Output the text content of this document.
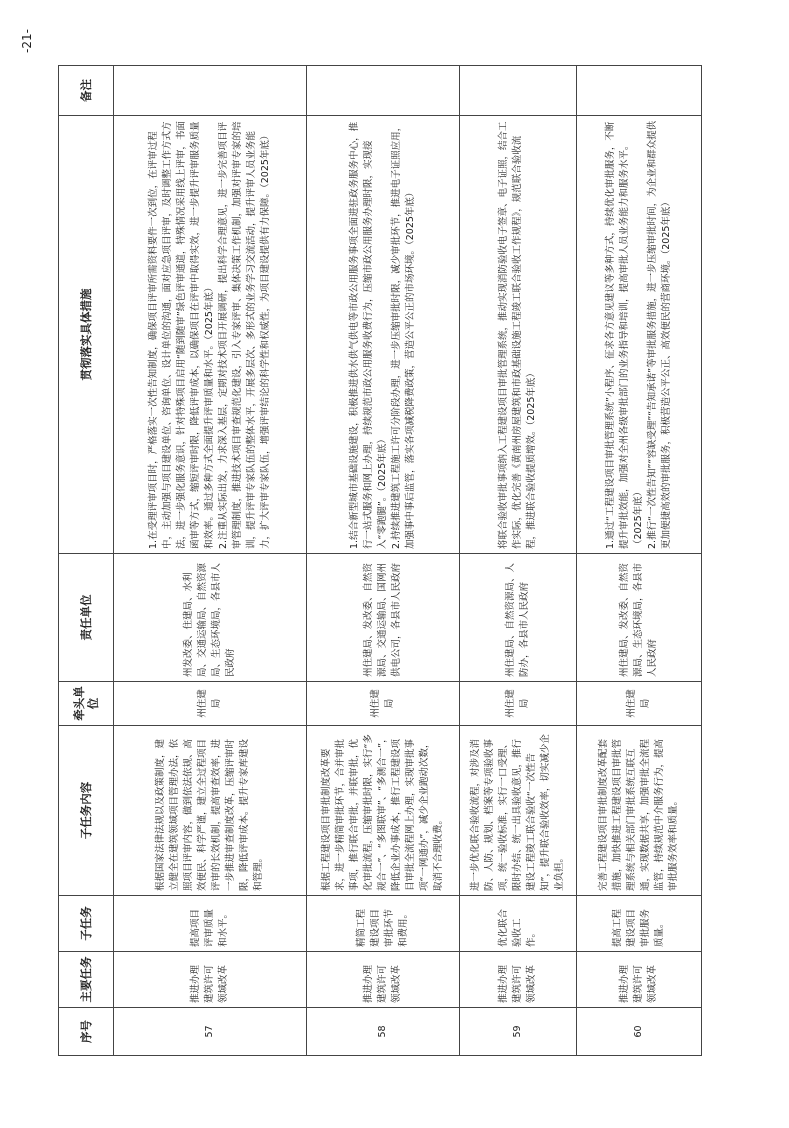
-21-
序号	主要任务	子任务	子任务内容	牵头单位	责任单位	贯彻落实具体措施	备注
57	推进办理建筑许可领域改革	提高项目评审质量和水平。	根据国家法律法规以及政策制度，建立健全在建筑领域项目管理办法，依照项目评审内容，做到依法依规、高效便民、科学严谨，建立全过程项目评审的长效机制，提高审查效率，进一步推进审查制度改革，压缩评审时限，降低评审成本。提升专家库建设和管理。	州住建局	州发改委、住建局、水利局、交通运输局、自然资源局、生态环境局，各县市人民政府	1.在受理评审项目时，严格落实一次性告知制度，确保项目评审所需资料要件一次到位，在评审过程中，主动加强与项目建设单位、咨询单位、设计单位的沟通，面对应急项目评审，及时调整工作方式方法，进一步强化服务意识，针对特殊项目启用“随到随审”绿色评审通道，特殊情况采用线上评审，书面函审等方式，缩短评审时限，降低评审成本，以确保项目在评审中取得实效，进一步提升评审服务质量和效率。通过多种方式全面提升评审质量和水平。（2025年底） 2.注重从实际出发，力求深入基层，定期对技术项目开展调研，提出科学合理意见，进一步完善项目评审管理制度，推进技术项目审查规范化建设，引入专家评审、集体决策工作机制，加强对评审专家的培训，提升评审专家队伍的整体水平，开展多层次、多形式的业务学习交流活动，提升评审人员业务能力，扩大评审专家队伍，增强评审结论的科学性和权威性，为项目建设提供有力保障。（2025年底）	
58	推进办理建筑许可领域改革	精简工程建设项目审批环节和费用。	根据工程建设项目审批制度改革要求，进一步精简审批环节，合并审批事项，推行联合审批，并联审批，优化审批流程，压缩审批时限，实行“多规合一”、“多图联审”、“多测合一”，降低企业办事成本，推行工程建设项目审批全流程网上办理，实现审批事项“一网通办”，减少企业跑动次数，取消不合理收费。	州住建局	州住建局、发改委、自然资源局、交通运输局、国网州供电公司，各县市人民政府	1.结合新型城市基础设施建设，积极推进供水供气供电等市政公用服务事项全面进驻政务服务中心，推行一站式服务和网上办理，持续规范市政公用服务收费行为，压缩市政公用服务办理时限，实现接入“零跑腿”。（2025年底） 2.持续推进建筑工程施工许可分阶段办理，进一步压缩审批时限，减少审批环节，推进电子证照应用，加强事中事后监管，落实各项减税降费政策，营造公平公正的市场环境。（2025年底）	
59	推进办理建筑许可领域改革	优化联合验收工作。	进一步优化联合验收流程，对涉及消防、人防、规划、档案等专项验收事项，统一验收标准，实行一口受理、限时办结、统一出具验收意见，推行建设工程竣工联合验收“一次性告知”，提升联合验收效率，切实减少企业负担。	州住建局	州住建局、自然资源局、人防办，各县市人民政府	将联合验收审批事项纳入工程建设项目审批管理系统，推动实现消防验收电子签章、电子证照，结合工作实际，优化完善《黄南州房屋建筑和市政基础设施工程竣工联合验收工作规程》，规范联合验收流程，推进联合验收提质增效。（2025年底）	
60	推进办理建筑许可领域改革	提高工程建设项目审批服务质量。	完善工程建设项目审批制度改革配套措施，加快推进工程建设项目审批管理系统与相关部门审批系统互联互通，实现数据共享，加强审批全流程监管，持续规范中介服务行为，提高审批服务效率和质量。	州住建局	州住建局、发改委、自然资源局、生态环境局，各县市人民政府	1.通过“工程建设项目审批管理系统”小程序、征求各方意见建议等多种方式，持续优化审批服务，不断提升审批效能，加强对全州各级审批部门的业务指导和培训，提高审批人员业务能力和服务水平。（2025年底） 2.推行“一次性告知”“容缺受理”“告知承诺”等审批服务措施，进一步压缩审批时间，为企业和群众提供更加便捷高效的审批服务，积极营造公平公正、高效便民的营商环境。（2025年底）	
